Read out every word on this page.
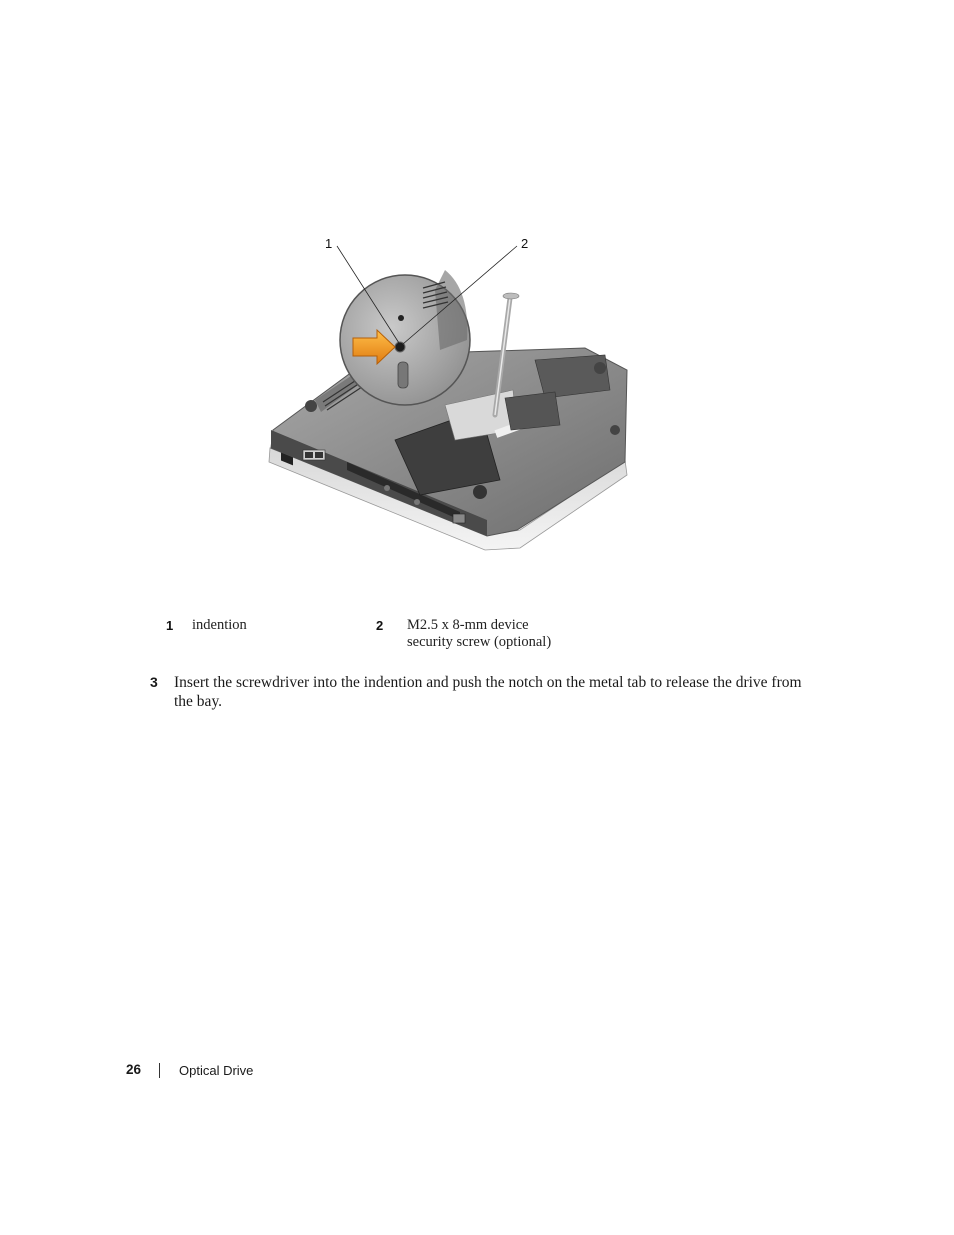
1	2
1 indention	2 M2.5 x 8-mm device
security screw (optional)
3 Insert the screwdriver into the indention and push the notch on the metal tab to release the drive from the bay.
26	Optical Drive
